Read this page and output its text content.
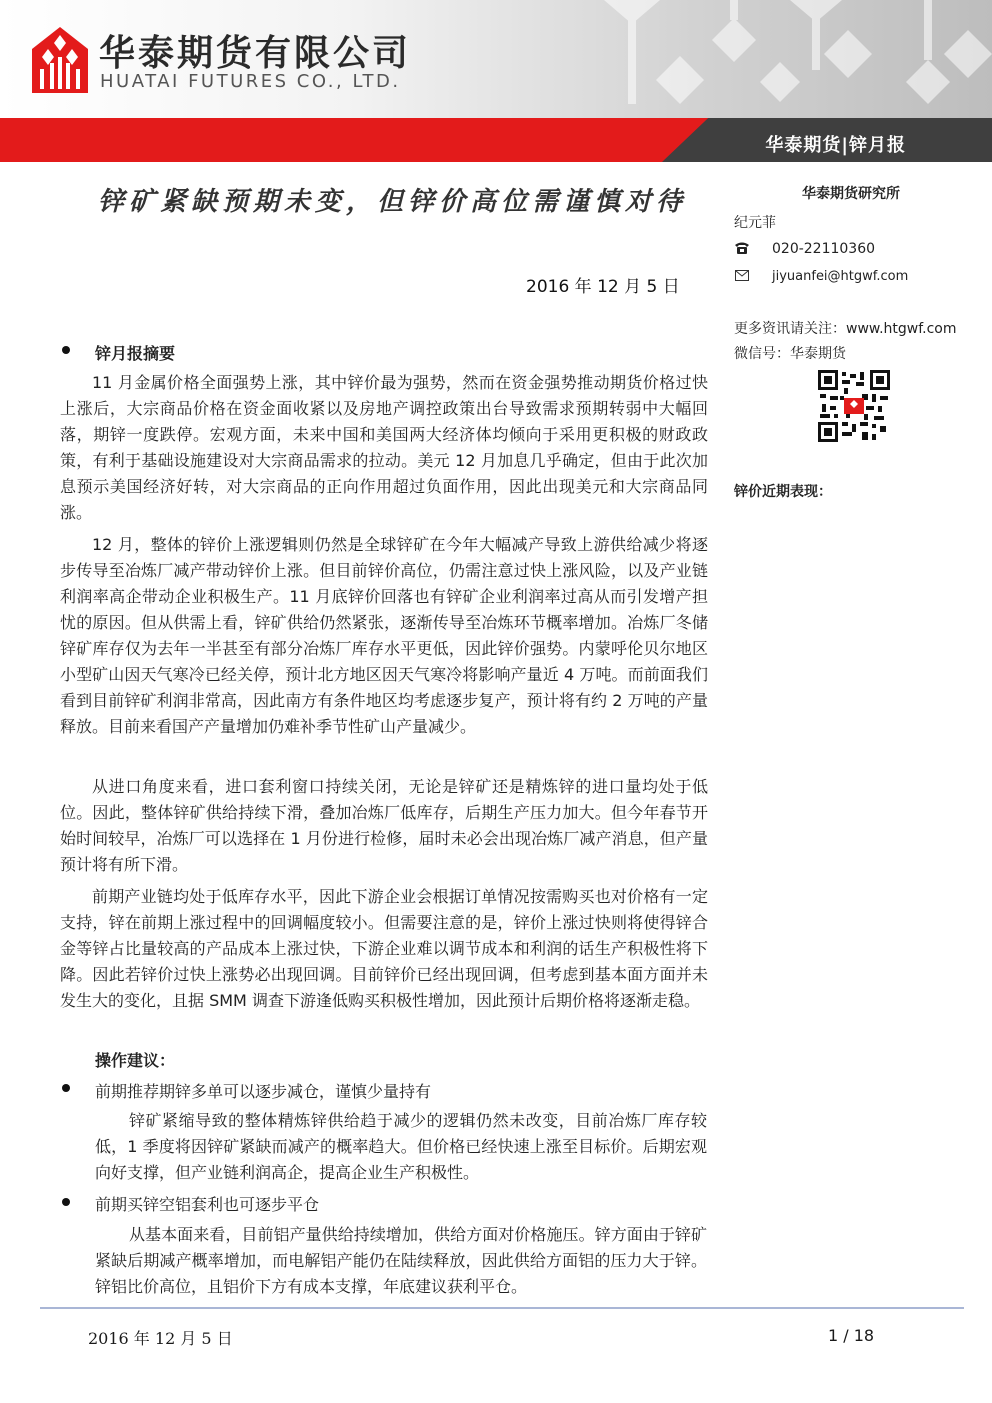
华泰期货有限公司
HUATAI FUTURES CO., LTD.
华泰期货|锌月报
锌矿紧缺预期未变，但锌价高位需谨慎对待
2016 年 12 月 5 日
华泰期货研究所
纪元菲
020-22110360
jiyuanfei@htgwf.com
更多资讯请关注：www.htgwf.com
微信号：华泰期货
锌价近期表现：
锌月报摘要

11 月金属价格全面强势上涨，其中锌价最为强势，然而在资金强势推动期货价格过快上涨后，大宗商品价格在资金面收紧以及房地产调控政策出台导致需求预期转弱中大幅回落，期锌一度跌停。宏观方面，未来中国和美国两大经济体均倾向于采用更积极的财政政策，有利于基础设施建设对大宗商品需求的拉动。美元 12 月加息几乎确定，但由于此次加息预示美国经济好转，对大宗商品的正向作用超过负面作用，因此出现美元和大宗商品同涨。

12 月，整体的锌价上涨逻辑则仍然是全球锌矿在今年大幅减产导致上游供给减少将逐步传导至冶炼厂减产带动锌价上涨。但目前锌价高位，仍需注意过快上涨风险，以及产业链利润率高企带动企业积极生产。11 月底锌价回落也有锌矿企业利润率过高从而引发增产担忧的原因。但从供需上看，锌矿供给仍然紧张，逐渐传导至冶炼环节概率增加。冶炼厂冬储锌矿库存仅为去年一半甚至有部分冶炼厂库存水平更低，因此锌价强势。内蒙呼伦贝尔地区小型矿山因天气寒冷已经关停，预计北方地区因天气寒冷将影响产量近 4 万吨。而前面我们看到目前锌矿利润非常高，因此南方有条件地区均考虑逐步复产，预计将有约 2 万吨的产量释放。目前来看国产产量增加仍难补季节性矿山产量减少。

从进口角度来看，进口套利窗口持续关闭，无论是锌矿还是精炼锌的进口量均处于低位。因此，整体锌矿供给持续下滑，叠加冶炼厂低库存，后期生产压力加大。但今年春节开始时间较早，冶炼厂可以选择在 1 月份进行检修，届时未必会出现冶炼厂减产消息，但产量预计将有所下滑。

前期产业链均处于低库存水平，因此下游企业会根据订单情况按需购买也对价格有一定支持，锌在前期上涨过程中的回调幅度较小。但需要注意的是，锌价上涨过快则将使得锌合金等锌占比量较高的产品成本上涨过快，下游企业难以调节成本和利润的话生产积极性将下降。因此若锌价过快上涨势必出现回调。目前锌价已经出现回调，但考虑到基本面方面并未发生大的变化，且据 SMM 调查下游逢低购买积极性增加，因此预计后期价格将逐渐走稳。

操作建议：
前期推荐期锌多单可以逐步减仓，谨慎少量持有

锌矿紧缩导致的整体精炼锌供给趋于减少的逻辑仍然未改变，目前冶炼厂库存较低，1 季度将因锌矿紧缺而减产的概率趋大。但价格已经快速上涨至目标价。后期宏观向好支撑，但产业链利润高企，提高企业生产积极性。

前期买锌空铝套利也可逐步平仓

从基本面来看，目前铝产量供给持续增加，供给方面对价格施压。锌方面由于锌矿紧缺后期减产概率增加，而电解铝产能仍在陆续释放，因此供给方面铝的压力大于锌。锌铝比价高位，且铝价下方有成本支撑，年底建议获利平仓。

2016 年 12 月 5 日	1 / 18
